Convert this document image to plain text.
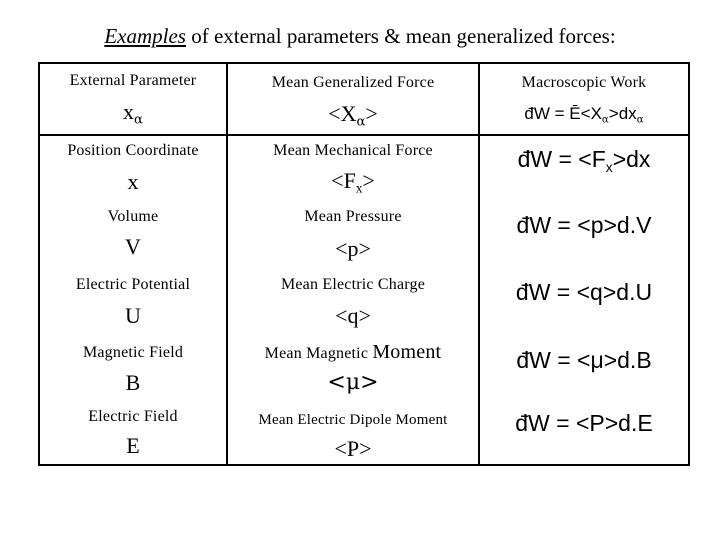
Examples of external parameters & mean generalized forces:
External Parameter
$x_\alpha$
Mean Generalized Force
$<X_\alpha>$
Macroscopic Work
đW = $Ē<X_\alpha>dx_\alpha$
Position Coordinate
x
Mean Mechanical Force
$<F_x>$
đW = $<F_x>dx$
Volume
V
Mean Pressure
<p>
đW = <p>d.V
Electric Potential
U
Mean Electric Charge
<q>
đW = <q>d.U
Magnetic Field
B
Mean Magnetic Moment
<μ>
đW = <μ>d.B
Electric Field
E
Mean Electric Dipole Moment
<P>
đW = <P>d.E
